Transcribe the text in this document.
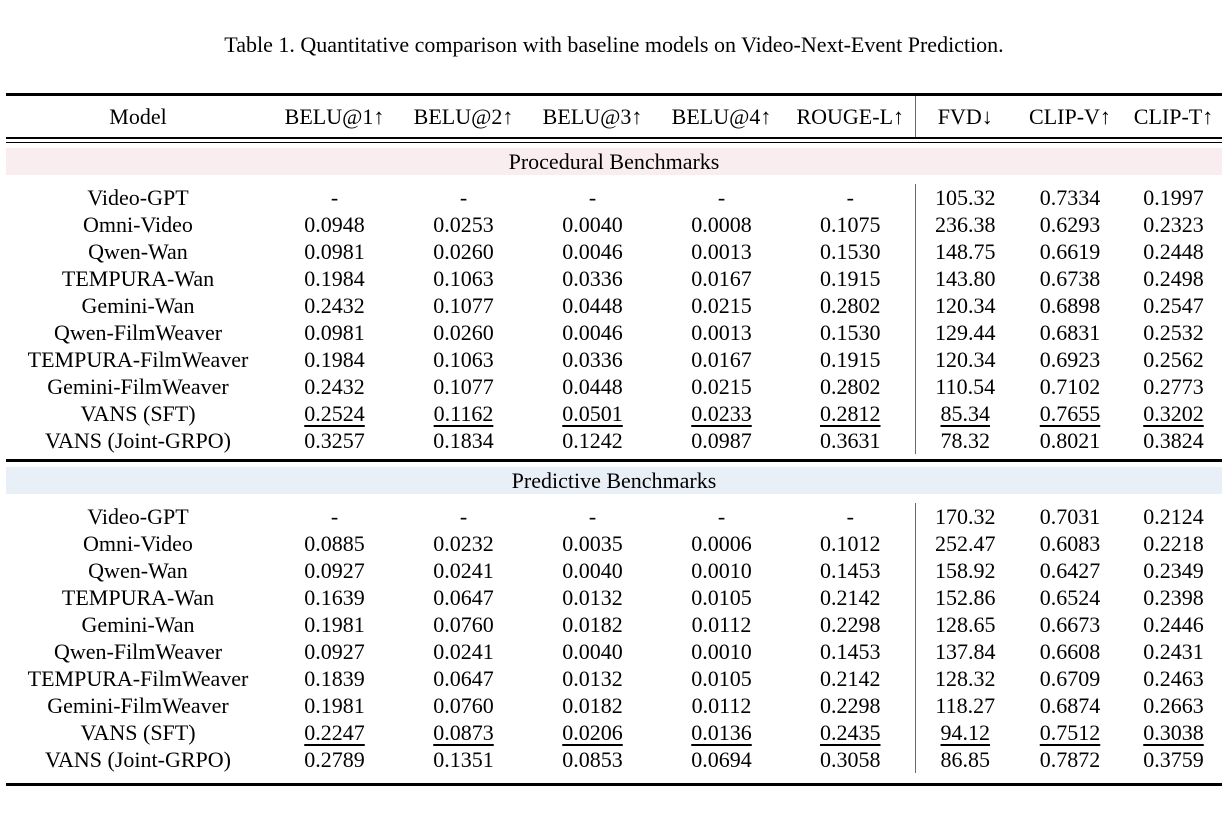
Table 1. Quantitative comparison with baseline models on Video-Next-Event Prediction.

Model	BELU@1↑	BELU@2↑	BELU@3↑	BELU@4↑	ROUGE-L↑	FVD↓	CLIP-V↑	CLIP-T↑

Procedural Benchmarks								

Video-GPT	-	-	-	-	-	105.32	0.7334	0.1997
Omni-Video	0.0948	0.0253	0.0040	0.0008	0.1075	236.38	0.6293	0.2323
Qwen-Wan	0.0981	0.0260	0.0046	0.0013	0.1530	148.75	0.6619	0.2448
TEMPURA-Wan	0.1984	0.1063	0.0336	0.0167	0.1915	143.80	0.6738	0.2498
Gemini-Wan	0.2432	0.1077	0.0448	0.0215	0.2802	120.34	0.6898	0.2547
Qwen-FilmWeaver	0.0981	0.0260	0.0046	0.0013	0.1530	129.44	0.6831	0.2532
TEMPURA-FilmWeaver	0.1984	0.1063	0.0336	0.0167	0.1915	120.34	0.6923	0.2562
Gemini-FilmWeaver	0.2432	0.1077	0.0448	0.0215	0.2802	110.54	0.7102	0.2773
VANS (SFT)	0.2524	0.1162	0.0501	0.0233	0.2812	85.34	0.7655	0.3202
VANS (Joint-GRPO)	0.3257	0.1834	0.1242	0.0987	0.3631	78.32	0.8021	0.3824

Predictive Benchmarks								

Video-GPT	-	-	-	-	-	170.32	0.7031	0.2124
Omni-Video	0.0885	0.0232	0.0035	0.0006	0.1012	252.47	0.6083	0.2218
Qwen-Wan	0.0927	0.0241	0.0040	0.0010	0.1453	158.92	0.6427	0.2349
TEMPURA-Wan	0.1639	0.0647	0.0132	0.0105	0.2142	152.86	0.6524	0.2398
Gemini-Wan	0.1981	0.0760	0.0182	0.0112	0.2298	128.65	0.6673	0.2446
Qwen-FilmWeaver	0.0927	0.0241	0.0040	0.0010	0.1453	137.84	0.6608	0.2431
TEMPURA-FilmWeaver	0.1839	0.0647	0.0132	0.0105	0.2142	128.32	0.6709	0.2463
Gemini-FilmWeaver	0.1981	0.0760	0.0182	0.0112	0.2298	118.27	0.6874	0.2663
VANS (SFT)	0.2247	0.0873	0.0206	0.0136	0.2435	94.12	0.7512	0.3038
VANS (Joint-GRPO)	0.2789	0.1351	0.0853	0.0694	0.3058	86.85	0.7872	0.3759
